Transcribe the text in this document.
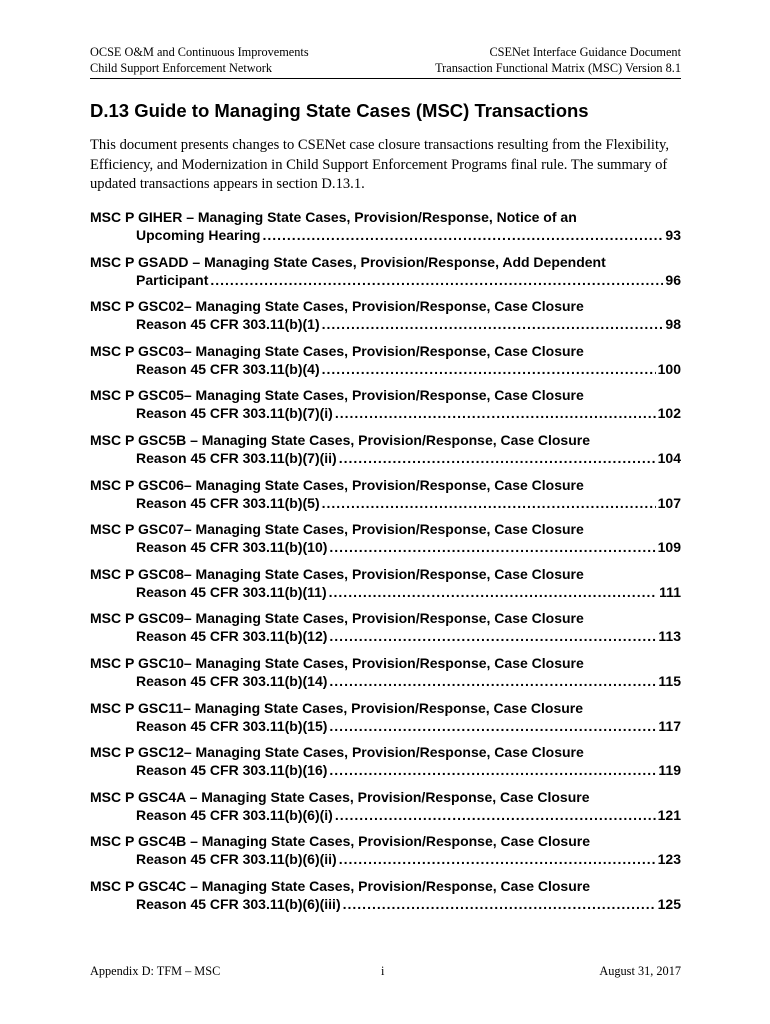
OCSE O&M and Continuous Improvements
Child Support Enforcement Network
CSENet Interface Guidance Document
Transaction Functional Matrix (MSC) Version 8.1
D.13 Guide to Managing State Cases (MSC) Transactions

This document presents changes to CSENet case closure transactions resulting from the Flexibility, Efficiency, and Modernization in Child Support Enforcement Programs final rule. The summary of updated transactions appears in section D.13.1.

MSC P GIHER – Managing State Cases, Provision/Response, Notice of an
Upcoming Hearing .....	93
MSC P GSADD – Managing State Cases, Provision/Response, Add Dependent
Participant .....	96
MSC P GSC02– Managing State Cases, Provision/Response, Case Closure
Reason 45 CFR 303.11(b)(1) .....	98
MSC P GSC03– Managing State Cases, Provision/Response, Case Closure
Reason 45 CFR 303.11(b)(4) .....	100
MSC P GSC05– Managing State Cases, Provision/Response, Case Closure
Reason 45 CFR 303.11(b)(7)(i) .....	102
MSC P GSC5B – Managing State Cases, Provision/Response, Case Closure
Reason 45 CFR 303.11(b)(7)(ii) .....	104
MSC P GSC06– Managing State Cases, Provision/Response, Case Closure
Reason 45 CFR 303.11(b)(5) .....	107
MSC P GSC07– Managing State Cases, Provision/Response, Case Closure
Reason 45 CFR 303.11(b)(10) .....	109
MSC P GSC08– Managing State Cases, Provision/Response, Case Closure
Reason 45 CFR 303.11(b)(11) .....	111
MSC P GSC09– Managing State Cases, Provision/Response, Case Closure
Reason 45 CFR 303.11(b)(12) .....	113
MSC P GSC10– Managing State Cases, Provision/Response, Case Closure
Reason 45 CFR 303.11(b)(14) .....	115
MSC P GSC11– Managing State Cases, Provision/Response, Case Closure
Reason 45 CFR 303.11(b)(15) .....	117
MSC P GSC12– Managing State Cases, Provision/Response, Case Closure
Reason 45 CFR 303.11(b)(16) .....	119
MSC P GSC4A – Managing State Cases, Provision/Response, Case Closure
Reason 45 CFR 303.11(b)(6)(i) .....	121
MSC P GSC4B – Managing State Cases, Provision/Response, Case Closure
Reason 45 CFR 303.11(b)(6)(ii) .....	123
MSC P GSC4C – Managing State Cases, Provision/Response, Case Closure
Reason 45 CFR 303.11(b)(6)(iii) .....	125
Appendix D: TFM – MSC	i	August 31, 2017
